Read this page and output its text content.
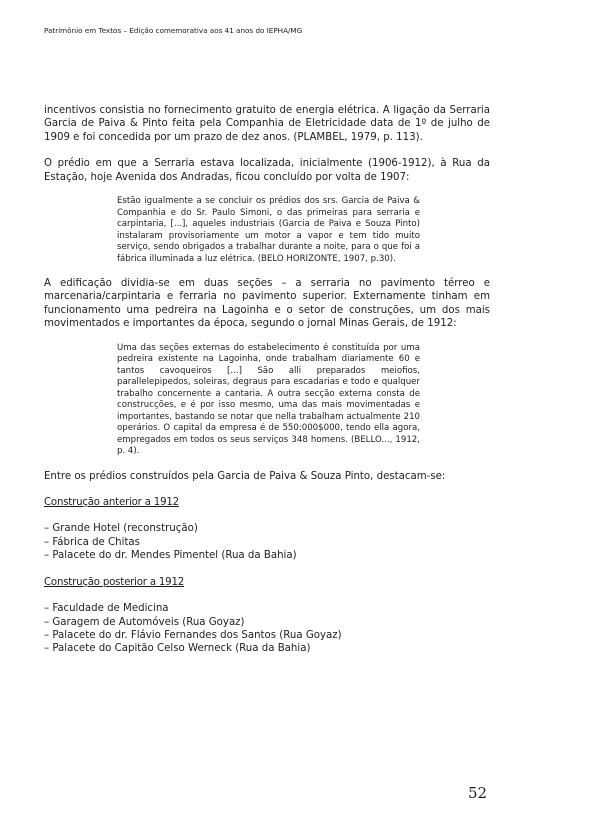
Patrimônio em Textos – Edição comemorativa aos 41 anos do IEPHA/MG

incentivos consistia no fornecimento gratuito de energia elétrica. A ligação da Serraria Garcia de Paiva & Pinto feita pela Companhia de Eletricidade data de 1º de julho de 1909 e foi concedida por um prazo de dez anos. (PLAMBEL, 1979, p. 113).

O prédio em que a Serraria estava localizada, inicialmente (1906-1912), à Rua da Estação, hoje Avenida dos Andradas, ficou concluído por volta de 1907:

Estão igualmente a se concluir os prédios dos srs. Garcia de Paiva & Companhia e do Sr. Paulo Simoni, o das primeiras para serraria e carpintaria, [...], aqueles industriais (Garcia de Paiva e Souza Pinto) instalaram provisoriamente um motor a vapor e tem tido muito serviço, sendo obrigados a trabalhar durante a noite, para o que foi a fábrica illuminada a luz elétrica. (BELO HORIZONTE, 1907, p.30).

A edificação dividia-se em duas seções – a serraria no pavimento térreo e marcenaria/carpintaria e ferraria no pavimento superior. Externamente tinham em funcionamento uma pedreira na Lagoinha e o setor de construções, um dos mais movimentados e importantes da época, segundo o jornal Minas Gerais, de 1912:

Uma das seções externas do estabelecimento é constituída por uma pedreira existente na Lagoinha, onde trabalham diariamente 60 e tantos cavoqueiros [...] São alli preparados meiofios, parallelepipedos, soleiras, degraus para escadarias e todo e qualquer trabalho concernente a cantaria. A outra secção externa consta de construcções, e é por isso mesmo, uma das mais movimentadas e importantes, bastando se notar que nella trabalham actualmente 210 operários. O capital da empresa é de 550:000$000, tendo ella agora, empregados em todos os seus serviços 348 homens. (BELLO..., 1912, p. 4).

Entre os prédios construídos pela Garcia de Paiva & Souza Pinto, destacam-se:

Construção anterior a 1912

– Grande Hotel (reconstrução)
– Fábrica de Chitas
– Palacete do dr. Mendes Pimentel (Rua da Bahia)

Construção posterior a 1912

– Faculdade de Medicina
– Garagem de Automóveis (Rua Goyaz)
– Palacete do dr. Flávio Fernandes dos Santos (Rua Goyaz)
– Palacete do Capitão Celso Werneck (Rua da Bahia)
52
